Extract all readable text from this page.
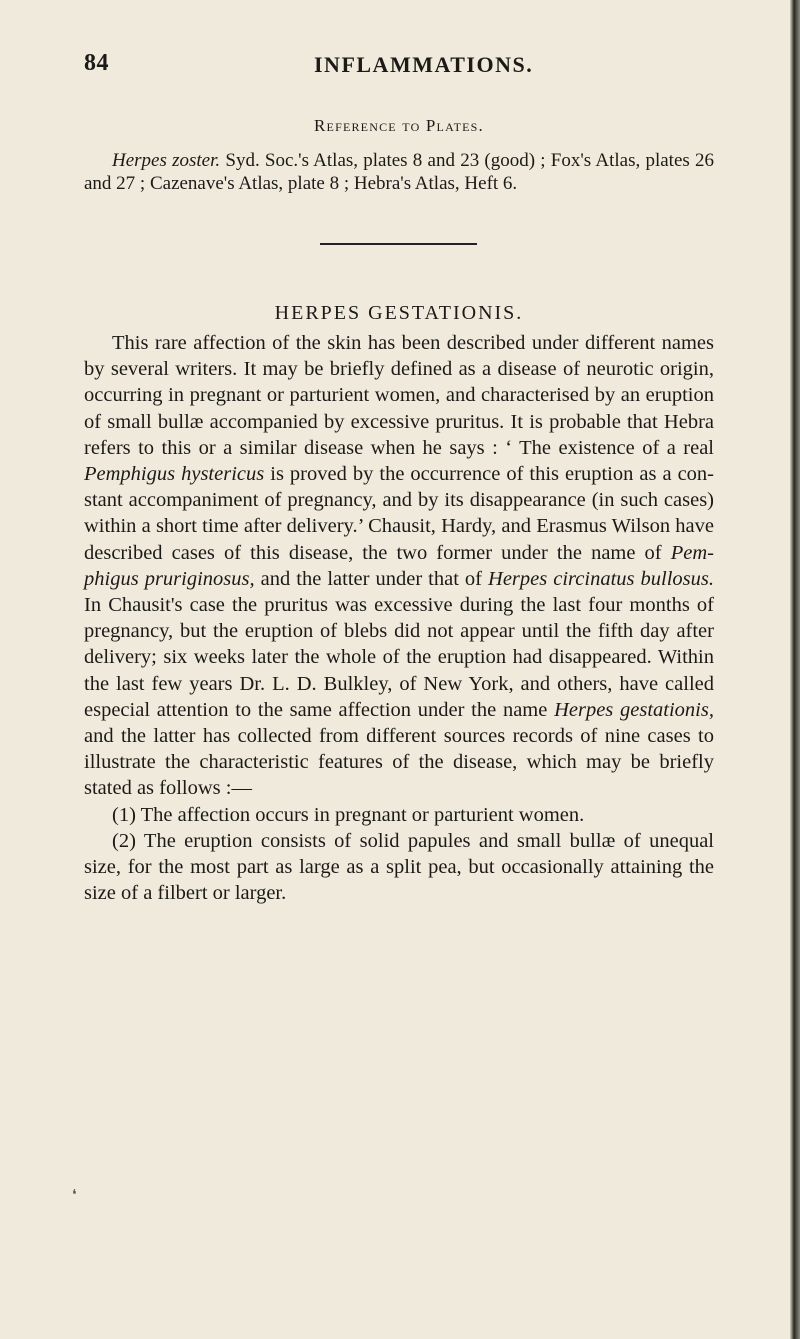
84	INFLAMMATIONS.
Reference to Plates.
Herpes zoster. Syd. Soc.'s Atlas, plates 8 and 23 (good) ; Fox's Atlas, plates 26 and 27 ; Cazenave's Atlas, plate 8 ; Hebra's Atlas, Heft 6.
HERPES GESTATIONIS.

This rare affection of the skin has been described under different names by several writers. It may be briefly defined as a disease of neurotic origin, occurring in pregnant or parturient women, and characterised by an eruption of small bullæ accompanied by excessive pruritus. It is probable that Hebra refers to this or a similar disease when he says : ‘ The existence of a real Pemphigus hystericus is proved by the occurrence of this eruption as a constant accompaniment of pregnancy, and by its disappearance (in such cases) within a short time after delivery.’ Chausit, Hardy, and Erasmus Wilson have described cases of this disease, the two former under the name of Pemphigus pruriginosus, and the latter under that of Herpes circinatus bullosus. In Chausit's case the pruritus was excessive during the last four months of pregnancy, but the eruption of blebs did not appear until the fifth day after delivery; six weeks later the whole of the eruption had disappeared. Within the last few years Dr. L. D. Bulkley, of New York, and others, have called especial attention to the same affection under the name Herpes gestationis, and the latter has collected from different sources records of nine cases to illustrate the characteristic features of the disease, which may be briefly stated as follows :—

(1) The affection occurs in pregnant or parturient women.

(2) The eruption consists of solid papules and small bullæ of unequal size, for the most part as large as a split pea, but occasionally attaining the size of a filbert or larger.

❛
